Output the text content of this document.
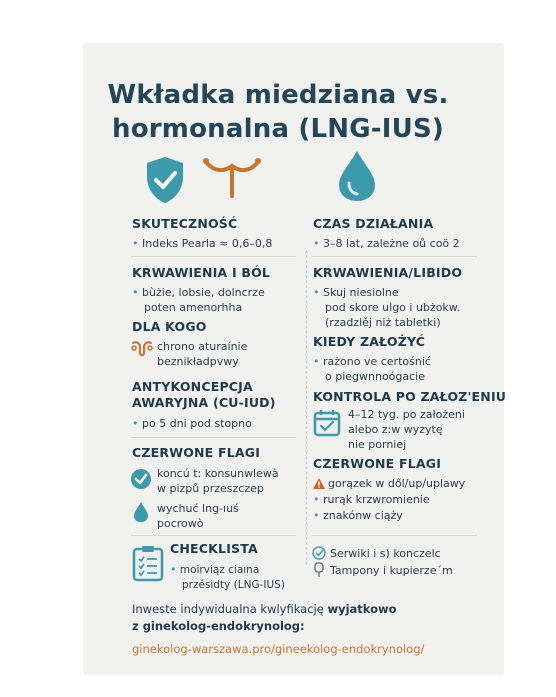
Wkładka miedziana vs.
hormonalna (LNG-IUS)
SKUTECZNOŚĆ
• Indeks Pearla ≈ 0,6–0,8
KRWAWIENIA I BÓL
• bùżie, lobsie, dolncrze
poten amenorhha
DLA KOGO
chrono aturaínie
beznikładpvwy
ANTYKONCEPCJA
AWARYJNA (CU-IUD)
• po 5 dni pod stopno
CZERWONE FLAGI
koncú t: konsunwlewà
w pizpů przeszczep
wychuć lng-ıuś
pocrowò
CHECKLISTA
• moirviąz ciaına
przésidty (LNG-IUS)
CZAS DZIAŁANIA
• 3–8 lat, zależne oů coö 2
KRWAWIENIA/LIBIDO
• Skuj niesiolne
pod skore ulgo i ubżokw.
(rzadzlěj niż tabletki)
KIEDY ZAŁOŻYĆ
• rażono ve certośnić
o piegwnnoógacie
KONTROLA PO ZAŁOZ'ENIU
4–12 tyg. po założeni
alebo z:w wyzytę
nie porniej
CZERWONE FLAGI
gorązek w dől/up/uplawy
• rurąk krzwromienie
• znakónw ciąży
Serwiki i s) konczelc
Tampony i kupierze´m
Inweste indywidualna kwlyfikację wyjatkowo
z ginekolog-endokrynolog:
ginekolog-warszawa.pro/gineekolog-endokrynolog/
